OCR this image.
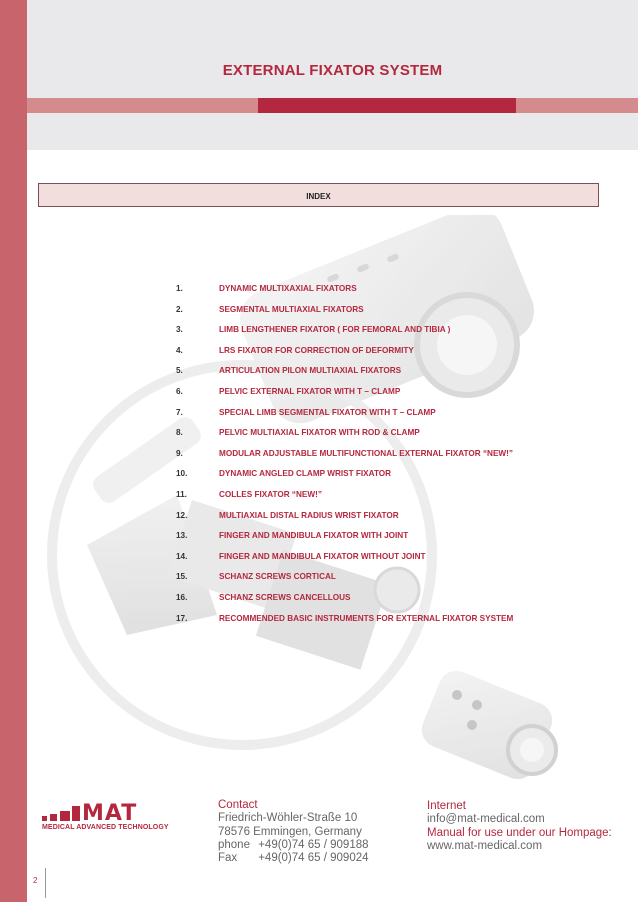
EXTERNAL FIXATOR SYSTEM
INDEX
1.	DYNAMIC MULTIXAXIAL FIXATORS
2.	SEGMENTAL MULTIAXIAL FIXATORS
3.	LIMB LENGTHENER FIXATOR ( FOR FEMORAL AND TIBIA )
4.	LRS FIXATOR FOR CORRECTION OF DEFORMITY
5.	ARTICULATION PILON MULTIAXIAL FIXATORS
6.	PELVIC EXTERNAL FIXATOR WITH T – CLAMP
7.	SPECIAL LIMB SEGMENTAL FIXATOR WITH T – CLAMP
8.	PELVIC MULTIAXIAL FIXATOR WITH ROD & CLAMP
9.	MODULAR ADJUSTABLE MULTIFUNCTIONAL EXTERNAL FIXATOR “NEW!”
10.	DYNAMIC ANGLED CLAMP WRIST FIXATOR
11.	COLLES FIXATOR “NEW!”
12.	MULTIAXIAL DISTAL RADIUS WRIST FIXATOR
13.	FINGER AND MANDIBULA FIXATOR WITH JOINT
14.	FINGER AND MANDIBULA FIXATOR WITHOUT JOINT
15.	SCHANZ SCREWS CORTICAL
16.	SCHANZ SCREWS CANCELLOUS
17.	RECOMMENDED BASIC INSTRUMENTS FOR EXTERNAL FIXATOR SYSTEM
MAT
MEDICAL ADVANCED TECHNOLOGY
Contact
Friedrich-Wöhler-Straße 10
78576 Emmingen, Germany
phone +49(0)74 65 / 909188
Fax +49(0)74 65 / 909024
Internet
info@mat-medical.com
Manual for use under our Hompage:
www.mat-medical.com
2
